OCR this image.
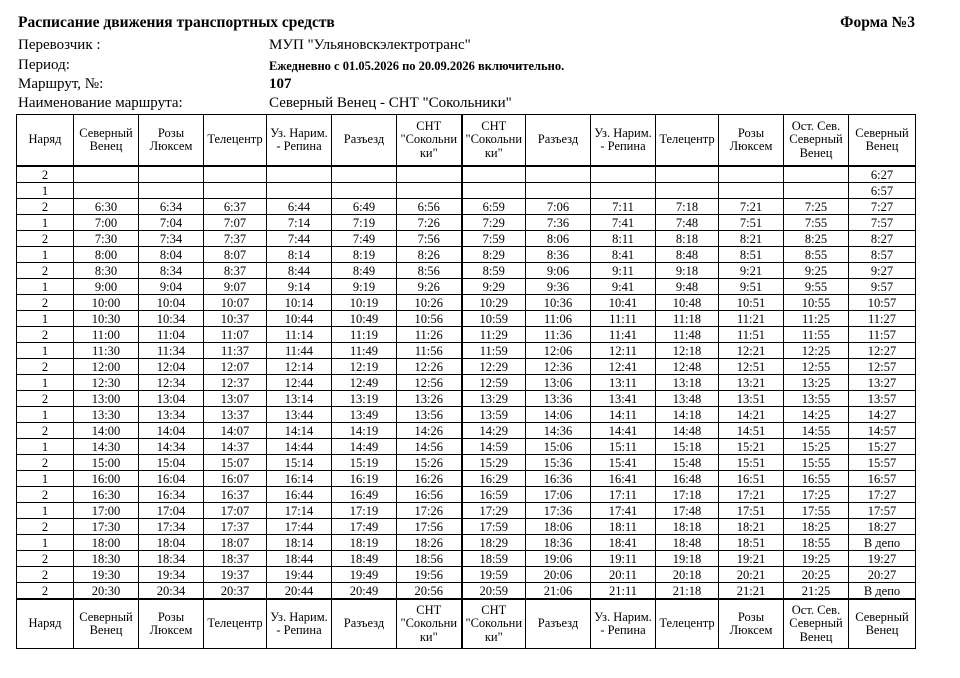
Расписание движения транспортных средств	Форма №3
Перевозчик :	МУП "Ульяновскэлектротранс"
Период:	Ежедневно с 01.05.2026 по 20.09.2026 включительно.
Маршрут, №:	107
Наименование маршрута:	Северный Венец - СНТ "Сокольники"
Наряд	Северный Венец	Розы Люксем	Телецентр	Уз. Нарим. - Репина	Разъезд	СНТ "Сокольни ки"	СНТ "Сокольни ки"	Разъезд	Уз. Нарим. - Репина	Телецентр	Розы Люксем	Ост. Сев. Северный Венец	Северный Венец
2													6:27
1													6:57
2	6:30	6:34	6:37	6:44	6:49	6:56	6:59	7:06	7:11	7:18	7:21	7:25	7:27
1	7:00	7:04	7:07	7:14	7:19	7:26	7:29	7:36	7:41	7:48	7:51	7:55	7:57
2	7:30	7:34	7:37	7:44	7:49	7:56	7:59	8:06	8:11	8:18	8:21	8:25	8:27
1	8:00	8:04	8:07	8:14	8:19	8:26	8:29	8:36	8:41	8:48	8:51	8:55	8:57
2	8:30	8:34	8:37	8:44	8:49	8:56	8:59	9:06	9:11	9:18	9:21	9:25	9:27
1	9:00	9:04	9:07	9:14	9:19	9:26	9:29	9:36	9:41	9:48	9:51	9:55	9:57
2	10:00	10:04	10:07	10:14	10:19	10:26	10:29	10:36	10:41	10:48	10:51	10:55	10:57
1	10:30	10:34	10:37	10:44	10:49	10:56	10:59	11:06	11:11	11:18	11:21	11:25	11:27
2	11:00	11:04	11:07	11:14	11:19	11:26	11:29	11:36	11:41	11:48	11:51	11:55	11:57
1	11:30	11:34	11:37	11:44	11:49	11:56	11:59	12:06	12:11	12:18	12:21	12:25	12:27
2	12:00	12:04	12:07	12:14	12:19	12:26	12:29	12:36	12:41	12:48	12:51	12:55	12:57
1	12:30	12:34	12:37	12:44	12:49	12:56	12:59	13:06	13:11	13:18	13:21	13:25	13:27
2	13:00	13:04	13:07	13:14	13:19	13:26	13:29	13:36	13:41	13:48	13:51	13:55	13:57
1	13:30	13:34	13:37	13:44	13:49	13:56	13:59	14:06	14:11	14:18	14:21	14:25	14:27
2	14:00	14:04	14:07	14:14	14:19	14:26	14:29	14:36	14:41	14:48	14:51	14:55	14:57
1	14:30	14:34	14:37	14:44	14:49	14:56	14:59	15:06	15:11	15:18	15:21	15:25	15:27
2	15:00	15:04	15:07	15:14	15:19	15:26	15:29	15:36	15:41	15:48	15:51	15:55	15:57
1	16:00	16:04	16:07	16:14	16:19	16:26	16:29	16:36	16:41	16:48	16:51	16:55	16:57
2	16:30	16:34	16:37	16:44	16:49	16:56	16:59	17:06	17:11	17:18	17:21	17:25	17:27
1	17:00	17:04	17:07	17:14	17:19	17:26	17:29	17:36	17:41	17:48	17:51	17:55	17:57
2	17:30	17:34	17:37	17:44	17:49	17:56	17:59	18:06	18:11	18:18	18:21	18:25	18:27
1	18:00	18:04	18:07	18:14	18:19	18:26	18:29	18:36	18:41	18:48	18:51	18:55	В депо
2	18:30	18:34	18:37	18:44	18:49	18:56	18:59	19:06	19:11	19:18	19:21	19:25	19:27
2	19:30	19:34	19:37	19:44	19:49	19:56	19:59	20:06	20:11	20:18	20:21	20:25	20:27
2	20:30	20:34	20:37	20:44	20:49	20:56	20:59	21:06	21:11	21:18	21:21	21:25	В депо
Наряд	Северный Венец	Розы Люксем	Телецентр	Уз. Нарим. - Репина	Разъезд	СНТ "Сокольни ки"	СНТ "Сокольни ки"	Разъезд	Уз. Нарим. - Репина	Телецентр	Розы Люксем	Ост. Сев. Северный Венец	Северный Венец
